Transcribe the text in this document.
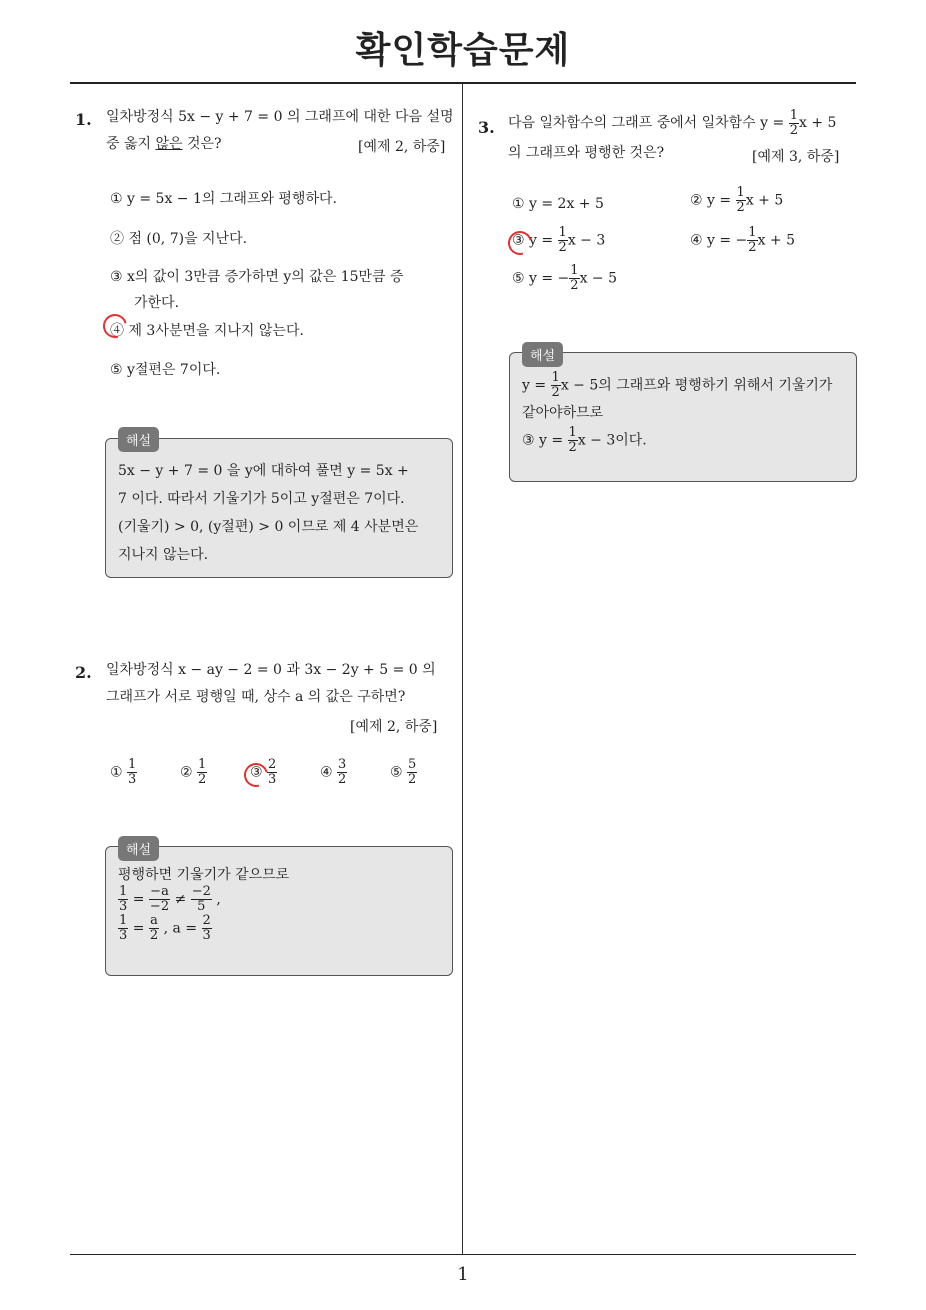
확인학습문제
1. 일차방정식 5x − y + 7 = 0 의 그래프에 대한 다음 설명
중 옳지 않은 것은?	[예제 2, 하중]
① y = 5x − 1의 그래프와 평행하다.
② 점 (0, 7)을 지난다.
③ x의 값이 3만큼 증가하면 y의 값은 15만큼 증
가한다.
④ 제 3사분면을 지나지 않는다.
⑤ y절편은 7이다.
5x − y + 7 = 0 을 y에 대하여 풀면 y = 5x +
7 이다. 따라서 기울기가 5이고 y절편은 7이다.
(기울기) > 0, (y절편) > 0 이므로 제 4 사분면은
지나지 않는다.
해설
2. 일차방정식 x − ay − 2 = 0 과 3x − 2y + 5 = 0 의
그래프가 서로 평행일 때, 상수 a 의 값은 구하면?
[예제 2, 하중]
① $\frac{1}{3}$	② $\frac{1}{2}$	③ $\frac{2}{3}$	④ $\frac{3}{2}$	⑤ $\frac{5}{2}$
평행하면 기울기가 같으므로
$\frac{1}{3} = \frac{-a}{-2} \ne \frac{-2}{5}$ ,
$\frac{1}{3} = \frac{a}{2}$ , $a = \frac{2}{3}$
해설
3. 다음 일차함수의 그래프 중에서 일차함수 $y = \frac{1}{2}$ x + 5
의 그래프와 평행한 것은?	[예제 3, 하중]
① y = 2x + 5	② $y = \frac{1}{2}$ x + 5
③ $y = \frac{1}{2}$ x − 3	④ y = − $\frac{1}{2}$ x + 5
⑤ y = − $\frac{1}{2}$ x − 5
$y = \frac{1}{2}$ x − 5의 그래프와 평행하기 위해서 기울기가
같아야하므로
③ $y = \frac{1}{2}$ x − 3이다.
해설
1
